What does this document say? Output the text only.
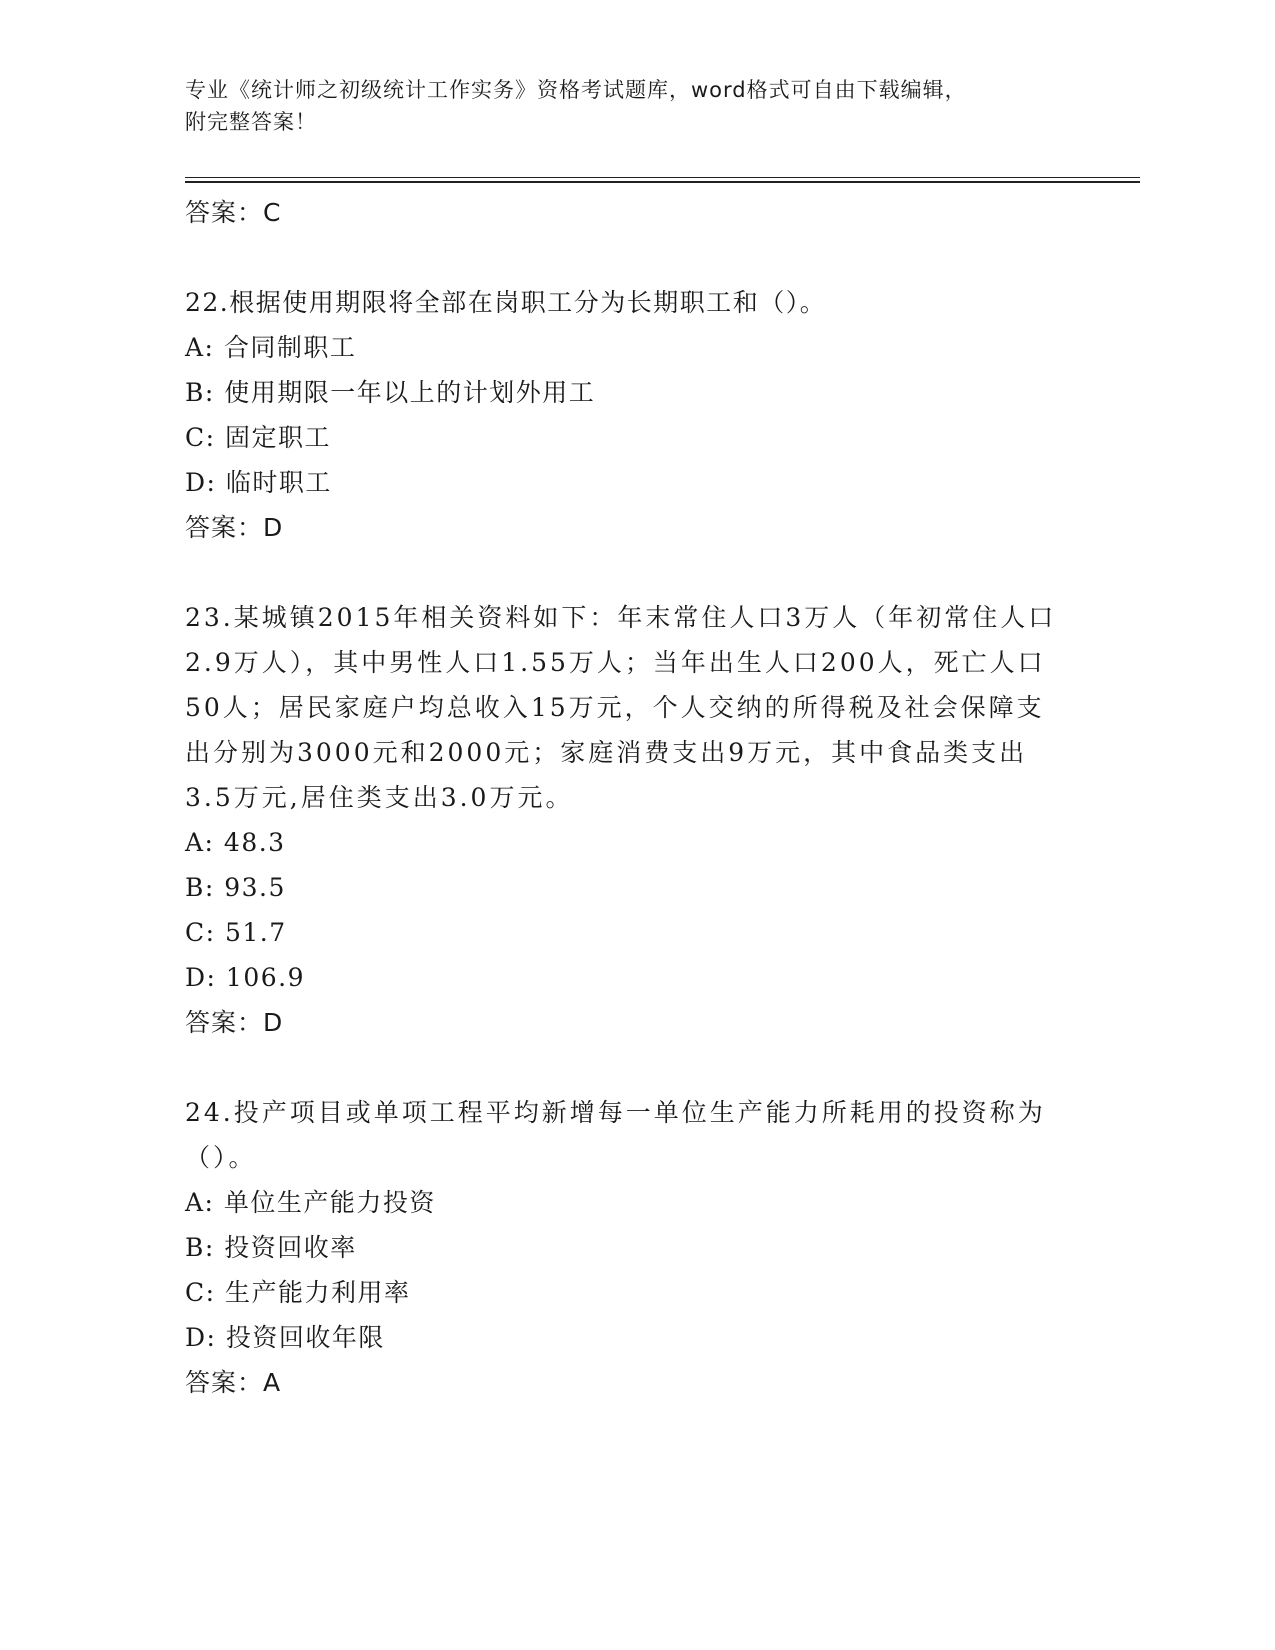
专业《统计师之初级统计工作实务》资格考试题库，word格式可自由下载编辑，
附完整答案！
答案：C
22.根据使用期限将全部在岗职工分为长期职工和（）。
A: 合同制职工
B: 使用期限一年以上的计划外用工
C: 固定职工
D: 临时职工
答案：D
23.某城镇2015年相关资料如下：年末常住人口3万人（年初常住人口2.9万人），其中男性人口1.55万人；当年出生人口200人，死亡人口50人；居民家庭户均总收入15万元，个人交纳的所得税及社会保障支出分别为3000元和2000元；家庭消费支出9万元，其中食品类支出3.5万元,居住类支出3.0万元。
A: 48.3
B: 93.5
C: 51.7
D: 106.9
答案：D
24.投产项目或单项工程平均新增每一单位生产能力所耗用的投资称为（）。
A: 单位生产能力投资
B: 投资回收率
C: 生产能力利用率
D: 投资回收年限
答案：A
